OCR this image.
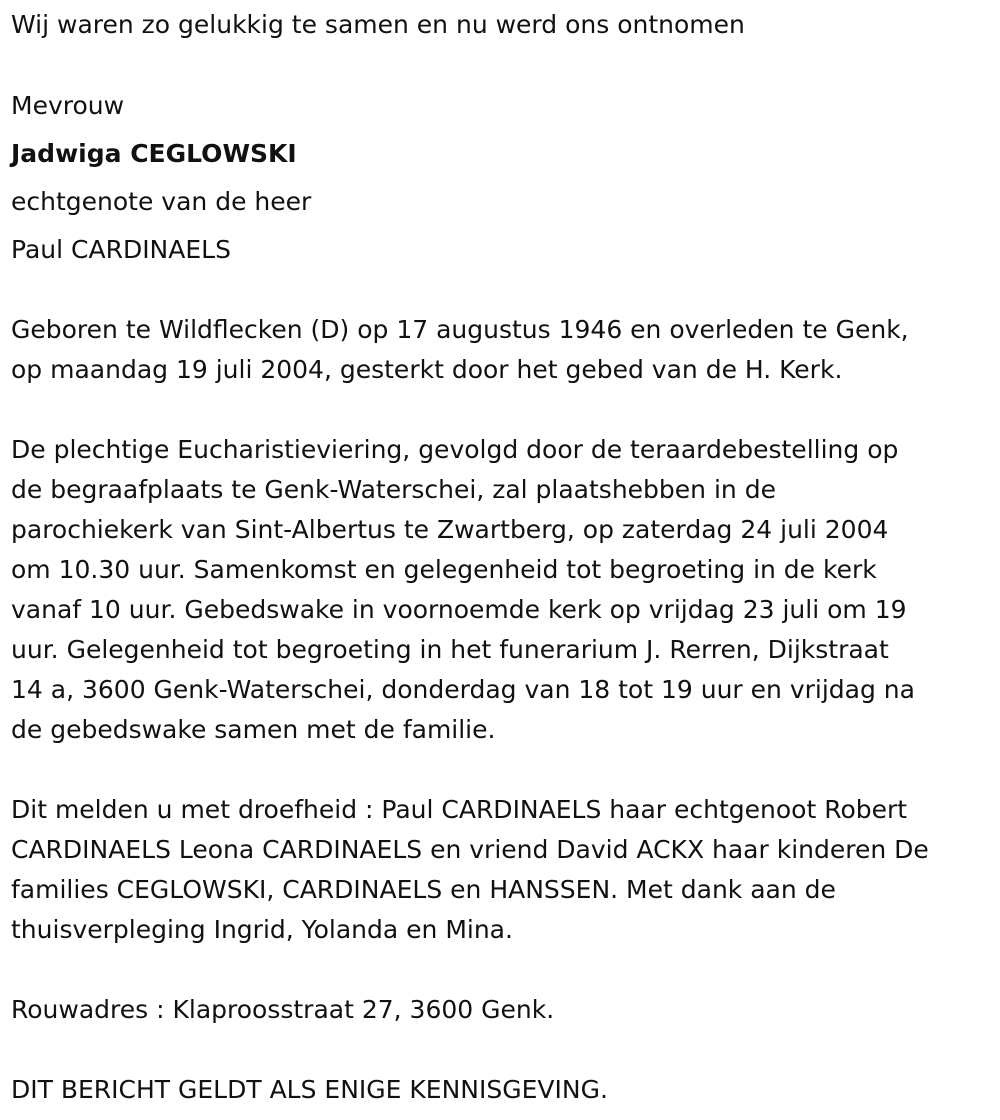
Wij waren zo gelukkig te samen en nu werd ons ontnomen

Mevrouw

Jadwiga CEGLOWSKI

echtgenote van de heer

Paul CARDINAELS

Geboren te Wildflecken (D) op 17 augustus 1946 en overleden te Genk,

op maandag 19 juli 2004, gesterkt door het gebed van de H. Kerk.

De plechtige Eucharistieviering, gevolgd door de teraardebestelling op

de begraafplaats te Genk-Waterschei, zal plaatshebben in de

parochiekerk van Sint-Albertus te Zwartberg, op zaterdag 24 juli 2004

om 10.30 uur. Samenkomst en gelegenheid tot begroeting in de kerk

vanaf 10 uur. Gebedswake in voornoemde kerk op vrijdag 23 juli om 19

uur. Gelegenheid tot begroeting in het funerarium J. Rerren, Dijkstraat

14 a, 3600 Genk-Waterschei, donderdag van 18 tot 19 uur en vrijdag na

de gebedswake samen met de familie.

Dit melden u met droefheid : Paul CARDINAELS haar echtgenoot Robert

CARDINAELS Leona CARDINAELS en vriend David ACKX haar kinderen De

families CEGLOWSKI, CARDINAELS en HANSSEN. Met dank aan de

thuisverpleging Ingrid, Yolanda en Mina.

Rouwadres : Klaproosstraat 27, 3600 Genk.

DIT BERICHT GELDT ALS ENIGE KENNISGEVING.
